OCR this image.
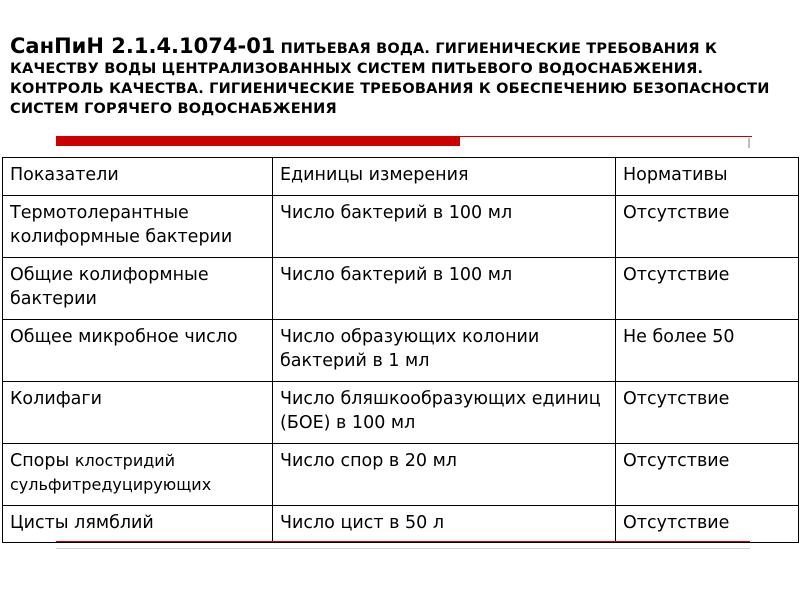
СанПиН 2.1.4.1074-01 ПИТЬЕВАЯ ВОДА. ГИГИЕНИЧЕСКИЕ ТРЕБОВАНИЯ К КАЧЕСТВУ ВОДЫ ЦЕНТРАЛИЗОВАННЫХ СИСТЕМ ПИТЬЕВОГО ВОДОСНАБЖЕНИЯ. КОНТРОЛЬ КАЧЕСТВА. ГИГИЕНИЧЕСКИЕ ТРЕБОВАНИЯ К ОБЕСПЕЧЕНИЮ БЕЗОПАСНОСТИ СИСТЕМ ГОРЯЧЕГО ВОДОСНАБЖЕНИЯ
Показатели	Единицы измерения	Нормативы
Термотолерантные колиформные бактерии	Число бактерий в 100 мл	Отсутствие
Общие колиформные бактерии	Число бактерий в 100 мл	Отсутствие
Общее микробное число	Число образующих колонии бактерий в 1 мл	Не более 50
Колифаги	Число бляшкообразующих единиц (БОЕ) в 100 мл	Отсутствие
Споры клостридий сульфитредуцирующих	Число спор в 20 мл	Отсутствие
Цисты лямблий	Число цист в 50 л	Отсутствие
